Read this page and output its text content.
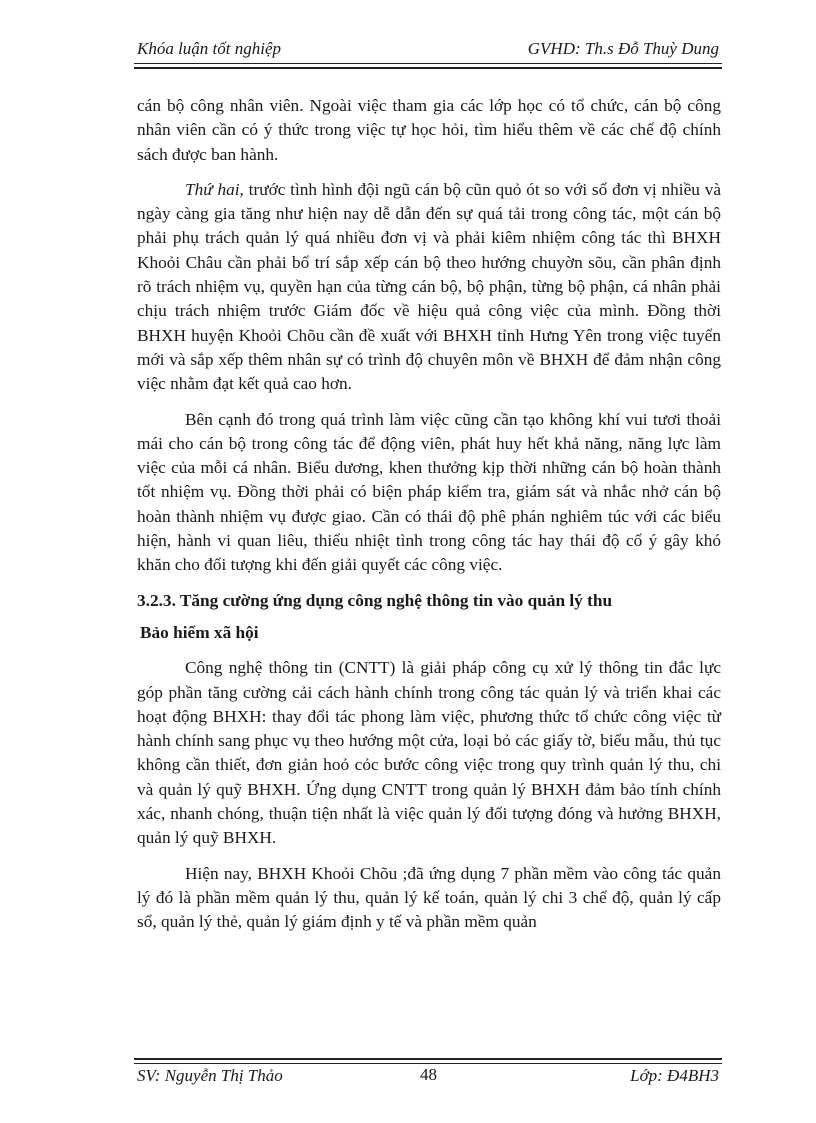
Khóa luận tốt nghiệp	GVHD: Th.s Đỗ Thuỳ Dung

cán bộ công nhân viên. Ngoài việc tham gia các lớp học có tổ chức, cán bộ công nhân viên cần có ý thức trong việc tự học hỏi, tìm hiểu thêm về các chế độ chính sách được ban hành.

Thứ hai, trước tình hình đội ngũ cán bộ cũn quỏ ót so với số đơn vị nhiều và ngày càng gia tăng như hiện nay dễ dẫn đến sự quá tải trong công tác, một cán bộ phải phụ trách quản lý quá nhiều đơn vị và phải kiêm nhiệm công tác thì BHXH Khoỏi Châu cần phải bố trí sắp xếp cán bộ theo hướng chuyờn sõu, cần phân định rõ trách nhiệm vụ, quyền hạn của từng cán bộ, bộ phận, từng bộ phận, cá nhân phải chịu trách nhiệm trước Giám đốc về hiệu quả công việc của mình. Đồng thời BHXH huyện Khoỏi Chõu cần đề xuất với BHXH tỉnh Hưng Yên trong việc tuyển mới và sắp xếp thêm nhân sự có trình độ chuyên môn về BHXH để đảm nhận công việc nhằm đạt kết quả cao hơn.

Bên cạnh đó trong quá trình làm việc cũng cần tạo không khí vui tươi thoải mái cho cán bộ trong công tác để động viên, phát huy hết khả năng, năng lực làm việc của mỗi cá nhân. Biểu dương, khen thưởng kịp thời những cán bộ hoàn thành tốt nhiệm vụ. Đồng thời phải có biện pháp kiểm tra, giám sát và nhắc nhở cán bộ hoàn thành nhiệm vụ được giao. Cần có thái độ phê phán nghiêm túc với các biểu hiện, hành vi quan liêu, thiếu nhiệt tình trong công tác hay thái độ cố ý gây khó khăn cho đối tượng khi đến giải quyết các công việc.

3.2.3. Tăng cường ứng dụng công nghệ thông tin vào quản lý thu

Bảo hiểm xã hội

Công nghệ thông tin (CNTT) là giải pháp công cụ xử lý thông tin đắc lực góp phần tăng cường cải cách hành chính trong công tác quản lý và triển khai các hoạt động BHXH: thay đổi tác phong làm việc, phương thức tổ chức công việc từ hành chính sang phục vụ theo hướng một cửa, loại bỏ các giấy tờ, biểu mẫu, thủ tục không cần thiết, đơn giản hoỏ cỏc bước công việc trong quy trình quản lý thu, chi và quản lý quỹ BHXH. Ứng dụng CNTT trong quản lý BHXH đảm bảo tính chính xác, nhanh chóng, thuận tiện nhất là việc quản lý đối tượng đóng và hưởng BHXH, quản lý quỹ BHXH.

Hiện nay, BHXH Khoỏi Chõu ;đã ứng dụng 7 phần mềm vào công tác quản lý đó là phần mềm quản lý thu, quản lý kế toán, quản lý chi 3 chế độ, quản lý cấp sổ, quản lý thẻ, quản lý giám định y tế và phần mềm quản

SV: Nguyễn Thị Thảo	48	Lớp: Đ4BH3
